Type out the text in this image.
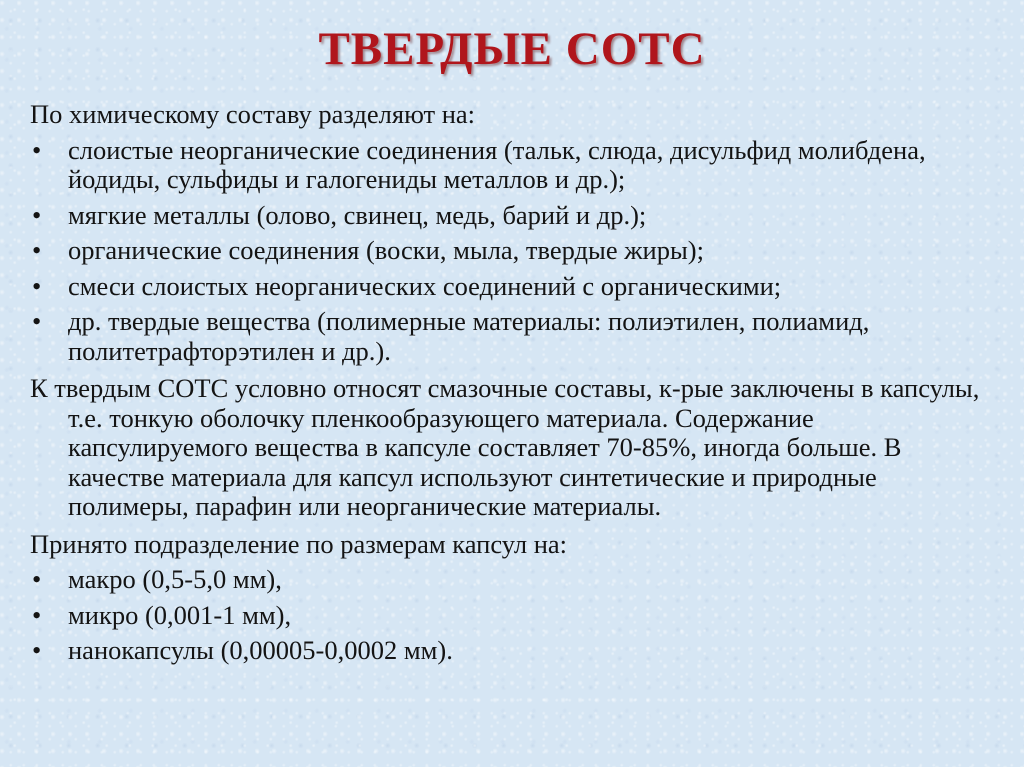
ТВЕРДЫЕ СОТС

По химическому составу разделяют на:

• слоистые неорганические соединения (тальк, слюда, дисульфид молибдена, йодиды, сульфиды и галогениды металлов и др.);
• мягкие металлы (олово, свинец, медь, барий и др.);
• органические соединения (воски, мыла, твердые жиры);
• смеси слоистых неорганических соединений с органическими;
• др. твердые вещества (полимерные материалы: полиэтилен, полиамид, политетрафторэтилен и др.).

К твердым СОТС условно относят смазочные составы, к-рые заключены в капсулы, т.е. тонкую оболочку пленкообразующего материала. Содержание капсулируемого вещества в капсуле составляет 70-85%, иногда больше. В качестве материала для капсул используют синтетические и природные полимеры, парафин или неорганические материалы.

Принято подразделение по размерам капсул на:

• макро (0,5-5,0 мм),
• микро (0,001-1 мм),
• нанокапсулы (0,00005-0,0002 мм).
